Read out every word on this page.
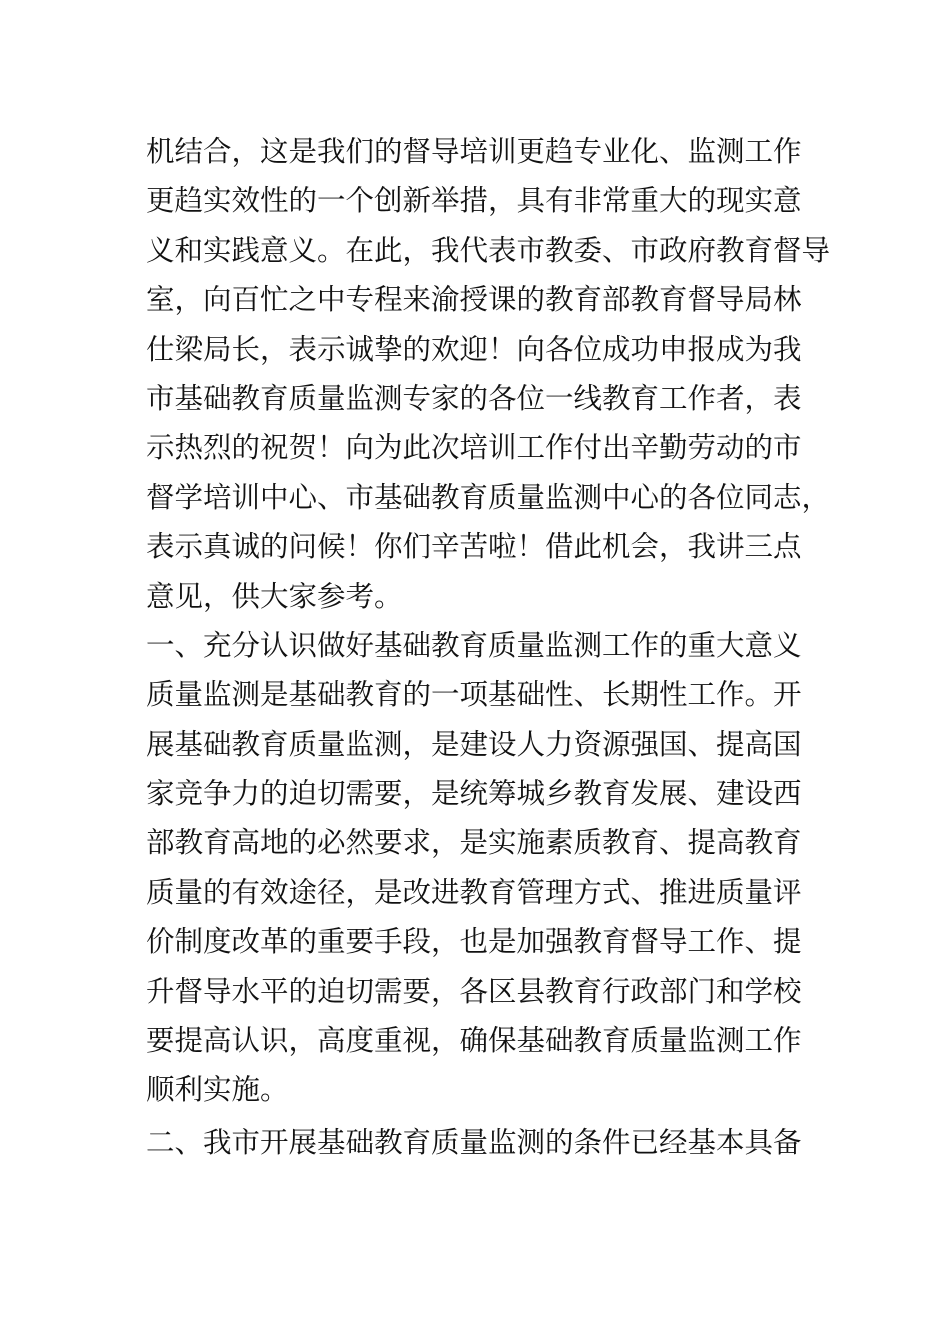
机结合，这是我们的督导培训更趋专业化、监测工作
更趋实效性的一个创新举措，具有非常重大的现实意
义和实践意义。在此，我代表市教委、市政府教育督导
室，向百忙之中专程来渝授课的教育部教育督导局林
仕梁局长，表示诚挚的欢迎！向各位成功申报成为我
市基础教育质量监测专家的各位一线教育工作者，表
示热烈的祝贺！向为此次培训工作付出辛勤劳动的市
督学培训中心、市基础教育质量监测中心的各位同志，
表示真诚的问候！你们辛苦啦！借此机会，我讲三点
意见，供大家参考。
一、充分认识做好基础教育质量监测工作的重大意义
质量监测是基础教育的一项基础性、长期性工作。开
展基础教育质量监测，是建设人力资源强国、提高国
家竞争力的迫切需要，是统筹城乡教育发展、建设西
部教育高地的必然要求，是实施素质教育、提高教育
质量的有效途径，是改进教育管理方式、推进质量评
价制度改革的重要手段，也是加强教育督导工作、提
升督导水平的迫切需要，各区县教育行政部门和学校
要提高认识，高度重视，确保基础教育质量监测工作
顺利实施。
二、我市开展基础教育质量监测的条件已经基本具备
